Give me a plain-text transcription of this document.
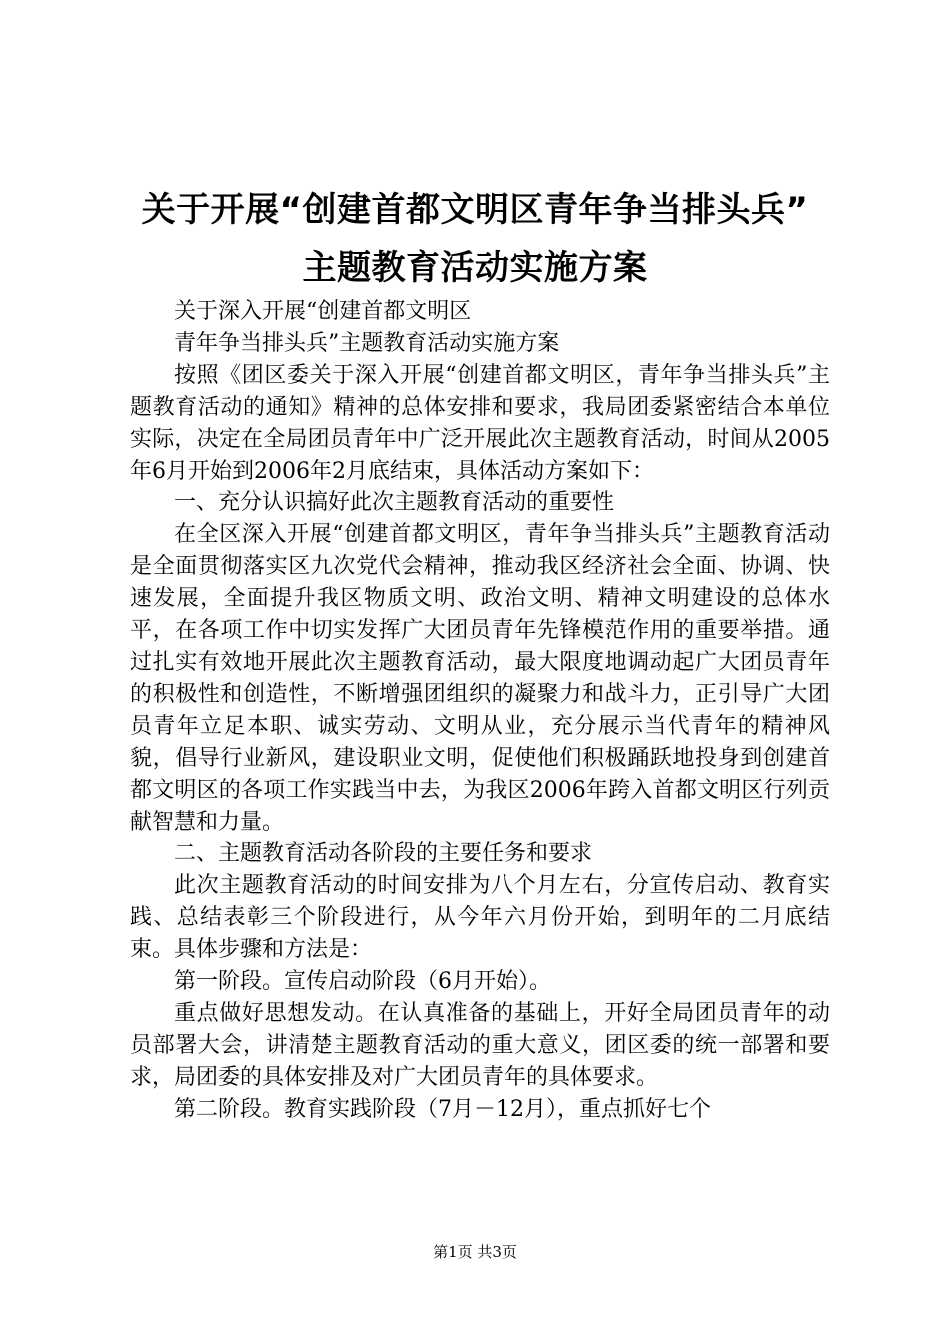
关于开展“创建首都文明区青年争当排头兵”
主题教育活动实施方案

关于深入开展“创建首都文明区

青年争当排头兵”主题教育活动实施方案

按照《团区委关于深入开展“创建首都文明区，青年争当排头兵”主题教育活动的通知》精神的总体安排和要求，我局团委紧密结合本单位实际，决定在全局团员青年中广泛开展此次主题教育活动，时间从2005年6月开始到2006年2月底结束，具体活动方案如下：

一、充分认识搞好此次主题教育活动的重要性

在全区深入开展“创建首都文明区，青年争当排头兵”主题教育活动是全面贯彻落实区九次党代会精神，推动我区经济社会全面、协调、快速发展，全面提升我区物质文明、政治文明、精神文明建设的总体水平，在各项工作中切实发挥广大团员青年先锋模范作用的重要举措。通过扎实有效地开展此次主题教育活动，最大限度地调动起广大团员青年的积极性和创造性，不断增强团组织的凝聚力和战斗力，正引导广大团员青年立足本职、诚实劳动、文明从业，充分展示当代青年的精神风貌，倡导行业新风，建设职业文明，促使他们积极踊跃地投身到创建首都文明区的各项工作实践当中去，为我区2006年跨入首都文明区行列贡献智慧和力量。

二、主题教育活动各阶段的主要任务和要求

此次主题教育活动的时间安排为八个月左右，分宣传启动、教育实践、总结表彰三个阶段进行，从今年六月份开始，到明年的二月底结束。具体步骤和方法是：

第一阶段。宣传启动阶段（6月开始）。

重点做好思想发动。在认真准备的基础上，开好全局团员青年的动员部署大会，讲清楚主题教育活动的重大意义，团区委的统一部署和要求，局团委的具体安排及对广大团员青年的具体要求。

第二阶段。教育实践阶段（7月－12月），重点抓好七个

第1页 共3页
